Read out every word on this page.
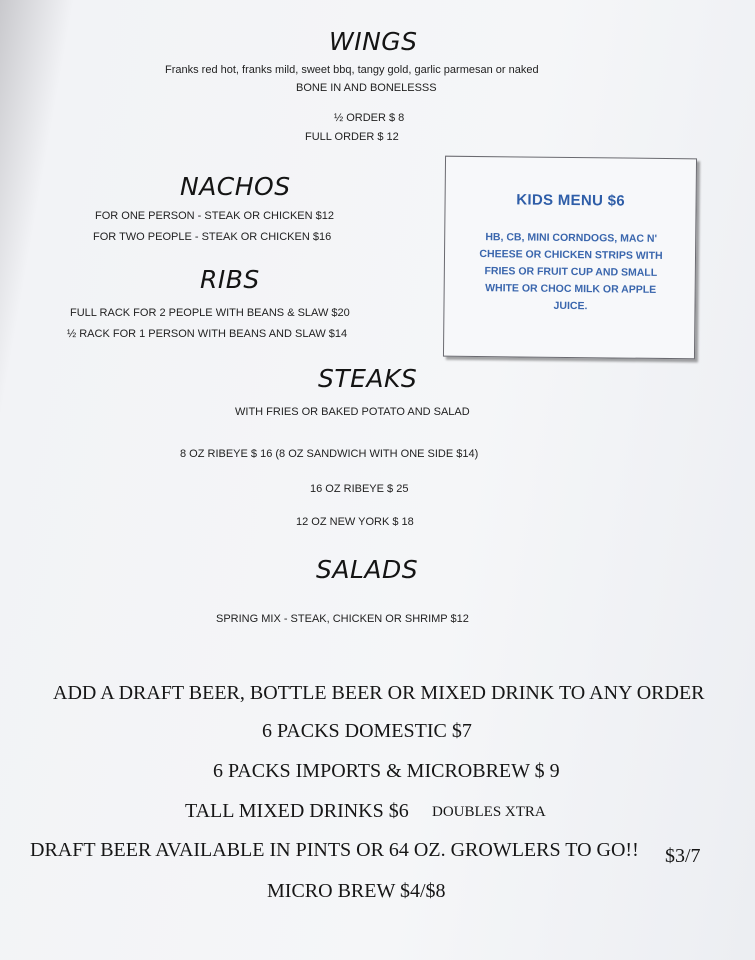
WINGS
Franks red hot, franks mild, sweet bbq, tangy gold, garlic parmesan or naked
BONE IN AND BONELESSS
½ ORDER $ 8
FULL ORDER $ 12
NACHOS
FOR ONE PERSON - STEAK OR CHICKEN $12
FOR TWO PEOPLE - STEAK OR CHICKEN $16
RIBS
FULL RACK FOR 2 PEOPLE WITH BEANS & SLAW $20
½ RACK FOR 1 PERSON WITH BEANS AND SLAW $14
KIDS MENU $6
HB, CB, MINI CORNDOGS, MAC N' CHEESE OR CHICKEN STRIPS WITH FRIES OR FRUIT CUP AND SMALL WHITE OR CHOC MILK OR APPLE JUICE.
STEAKS
WITH FRIES OR BAKED POTATO AND SALAD
8 OZ RIBEYE $ 16 (8 OZ SANDWICH WITH ONE SIDE $14)
16 OZ RIBEYE $ 25
12 OZ NEW YORK $ 18
SALADS
SPRING MIX - STEAK, CHICKEN OR SHRIMP $12
ADD A DRAFT BEER, BOTTLE BEER OR MIXED DRINK TO ANY ORDER
6 PACKS DOMESTIC $7
6 PACKS IMPORTS & MICROBREW $ 9
TALL MIXED DRINKS $6 DOUBLES XTRA
DRAFT BEER AVAILABLE IN PINTS OR 64 OZ. GROWLERS TO GO!! $3/7
MICRO BREW $4/$8
